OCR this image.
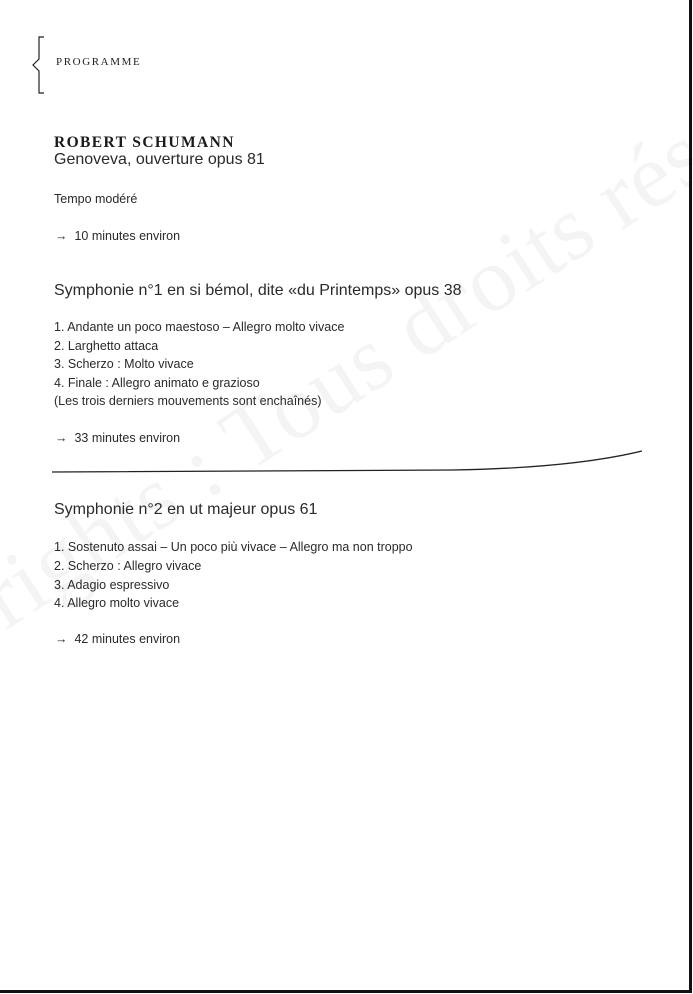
PROGRAMME
ROBERT SCHUMANN
Genoveva, ouverture opus 81
Tempo modéré
→ 10 minutes environ
Symphonie n°1 en si bémol, dite «du Printemps» opus 38
1. Andante un poco maestoso – Allegro molto vivace
2. Larghetto attaca
3. Scherzo : Molto vivace
4. Finale : Allegro animato e grazioso
(Les trois derniers mouvements sont enchaînés)
→ 33 minutes environ
Symphonie n°2 en ut majeur opus 61
1. Sostenuto assai – Un poco più vivace – Allegro ma non troppo
2. Scherzo : Allegro vivace
3. Adagio espressivo
4. Allegro molto vivace
→ 42 minutes environ
